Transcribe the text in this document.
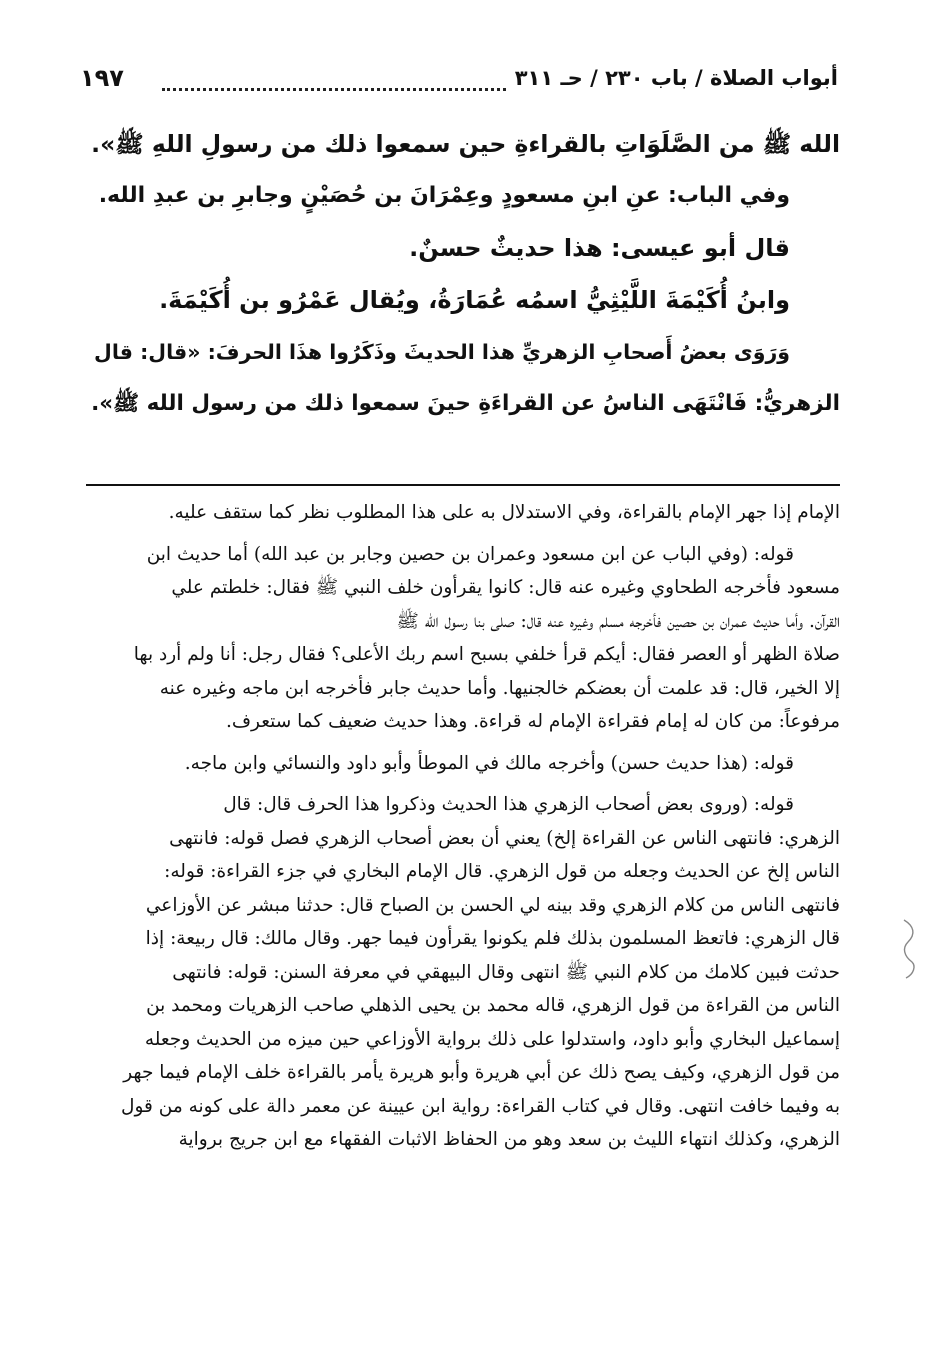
أبواب الصلاة / باب ٢٣٠ / حـ ٣١١
١٩٧

الله ﷺ من الصَّلَوَاتِ بالقراءةِ حين سمعوا ذلك من رسولِ اللهِ ﷺ».

وفي الباب: عنِ ابنِ مسعودٍ وعِمْرَانَ بن حُصَيْنٍ وجابرِ بن عبدِ الله.

قال أبو عيسى: هذا حديثٌ حسنٌ.

وابنُ أُكَيْمَةَ اللَّيْثِيُّ اسمُه عُمَارَةُ، ويُقال عَمْرُو بن أُكَيْمَةَ.

وَرَوَى بعضُ أَصحابِ الزهريِّ هذا الحديثَ وذَكَرُوا هذَا الحرفَ: «قال: قال

الزهريُّ: فَانْتَهَى الناسُ عن القراءَةِ حينَ سمعوا ذلك من رسول الله ﷺ».

الإمام إذا جهر الإمام بالقراءة، وفي الاستدلال به على هذا المطلوب نظر كما ستقف عليه.

قوله: (وفي الباب عن ابن مسعود وعمران بن حصين وجابر بن عبد الله) أما حديث ابن

مسعود فأخرجه الطحاوي وغيره عنه قال: كانوا يقرأون خلف النبي ﷺ فقال: خلطتم علي

القرآن. وأما حديث عمران بن حصين فأخرجه مسلم وغيره عنه قال: صلى بنا رسول الله ﷺ

صلاة الظهر أو العصر فقال: أيكم قرأ خلفي بسبح اسم ربك الأعلى؟ فقال رجل: أنا ولم أرد بها

إلا الخير، قال: قد علمت أن بعضكم خالجنيها. وأما حديث جابر فأخرجه ابن ماجه وغيره عنه

مرفوعاً: من كان له إمام فقراءة الإمام له قراءة. وهذا حديث ضعيف كما ستعرف.

قوله: (هذا حديث حسن) وأخرجه مالك في الموطأ وأبو داود والنسائي وابن ماجه.

قوله: (وروى بعض أصحاب الزهري هذا الحديث وذكروا هذا الحرف قال: قال

الزهري: فانتهى الناس عن القراءة إلخ) يعني أن بعض أصحاب الزهري فصل قوله: فانتهى

الناس إلخ عن الحديث وجعله من قول الزهري. قال الإمام البخاري في جزء القراءة: قوله:

فانتهى الناس من كلام الزهري وقد بينه لي الحسن بن الصباح قال: حدثنا مبشر عن الأوزاعي

قال الزهري: فاتعظ المسلمون بذلك فلم يكونوا يقرأون فيما جهر. وقال مالك: قال ربيعة: إذا

حدثت فبين كلامك من كلام النبي ﷺ انتهى وقال البيهقي في معرفة السنن: قوله: فانتهى

الناس من القراءة من قول الزهري، قاله محمد بن يحيى الذهلي صاحب الزهريات ومحمد بن

إسماعيل البخاري وأبو داود، واستدلوا على ذلك برواية الأوزاعي حين ميزه من الحديث وجعله

من قول الزهري، وكيف يصح ذلك عن أبي هريرة وأبو هريرة يأمر بالقراءة خلف الإمام فيما جهر

به وفيما خافت انتهى. وقال في كتاب القراءة: رواية ابن عيينة عن معمر دالة على كونه من قول

الزهري، وكذلك انتهاء الليث بن سعد وهو من الحفاظ الاثبات الفقهاء مع ابن جريج برواية
